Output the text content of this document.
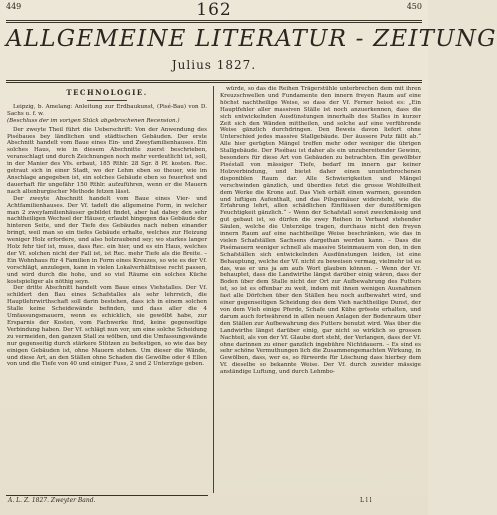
449	162	450
ALLGEMEINE LITERATUR - ZEITUNG
Julius 1827.
TECHNOLOGIE.

Leipzig, b. Amelang: Anleitung zur Erdbaukunst, (Pisé-Bau) von D. Sachs u. f. w.

(Beschluss der im vorigen Stück abgebrochenen Recension.)

Der zweyte Theil führt die Ueberschrift: Von der Anwendung des Pisébaues bey ländlichen und städtischen Gebäuden. Der erste Abschnitt handelt vom Baue eines Ein- und Zweyfamilienhauses. Ein solches Haus, wie in diesem Abschnitte zuerst beschrieben, veranschlagt und durch Zeichnungen noch mehr verdeutlicht ist, soll, in der Manier des Vfs. erbaut, 185 Rthlr. 28 Sgr. 8 Pf. kosten. Rec. getraut sich in einer Stadt, wo der Lehm eben so theuer, wie im Anschlage angegeben ist, ein solches Gebäude eben so feuerfest und dauerhaft für ungefähr 150 Rthlr. aufzuführen, wenn er die Mauern nach altenburgischer Methode fetzen lässt.

Der zweyte Abschnitt handelt vom Baue eines Vier- und Achtfamilienhauses. Der Vf. tadelt die allgemeine Form, in welcher man 2 zweyfamilienhäuser gebildet findet, aber hat dabey den sehr nachtheiligen Wechsel der Häuser, erlaubt hingegen das Gebäude der hinteren Seite, und der Tiefe des Gebäudes nach neben einander bringt, weil man so ein tiefes Gebäude erhalte, welches zur Heizung weniger Holz erfordere, und also holzraubend sey; wo starkes langer Holz fehr tief ist, muss, dass Rec. ein hier, und es ein Haus, welches der Vf. solchen nicht der Fall ist, ist Rec. mehr Tiefe als die Breite. – Ein Wohnhaus für 4 Familien in Form eines Kreuzes, so wie es der Vf. vorschlägt, anzulegen, kann in vielen Lokalverhältnisse recht passen, und wird durch die hohe, und so viel Räume ein solches Küche kostspieliger als nöthig seyn.

Der dritte Abschnitt handelt vom Baue eines Viehstalles. Der Vf. schildert den Bau eines Schafstalles als sehr lehrreich, die Hauptlehrwirthschaft soll darin bestehen, dass ich in einem solchen Stalle keine Scheidewände befinden, und dass aller die 4 Umfassungsmauern, wenn es schicklich, sie gewölbt habe, zur Ersparnis der Kosten, vom Fachwerke find, keine gegenseitige Verbindung haben. Der Vf. schlägt nun vor, um eine solche Scheidung zu vermeiden, den ganzen Stall zu wölben, und die Umfassungswände nur gegenseitig durch stärkere Stützen zu befestigen, so wie das bey einigen Gebäuden ist, ohne Mauern stehen. Um dieser die Wände, und diese Art, an den Ställen ohne Schaden die Gewölbe oder 4 Ellen von und die Tiefe von 40 und einiger Fuss, 2 und 2 Unterzüge geben.

würde, so das die Reihen Trägerstühle unterbrechen dem mit ihren Kreuzschwellen und Fundamente den innern freyen Raum auf eine höchst nachtheilige Weise, so dass der Vf. Ferner heisst es: „Ein Hauptfehler aller massiven Ställe ist noch anzuerkennen, dass die sich entwickelnden Ausdünstungen innerhalb des Stalles in kurzer Zeit sich den Wänden mittheilen, und solche auf eine verführende Weise gänzlich durchdringen. Den Beweis davon liefert ohne Unterschied jedes massive Stallgebäude. Der äussere Putz fällt ab.“ Alle hier gerügten Mängel treffen mehr oder weniger die übrigen Stallgebäude. Der Pisébau ist daher als ein unzubereitender Gewinn, besonders für diese Art von Gebäuden zu betrachten. Ein gewölbter Piséstall von mässiger Tiefe, bedarf im innern gar keiner Holzverbindung, und bietet daher einen ununterbrochenen disponiblen Raum dar. Alle Schwierigkeiten und Mängel verschwinden gänzlich, und überdies fetzt die grosse Wohlfeilheit dem Werke die Krone auf. Das Vieh erhält einen warmen, gesunden und luftigen Aufenthalt, und das Pilsgemäuer widersteht, wie die Erfahrung lehrt, allen schädlichen Einflüssen der dunstförmigen Feuchtigkeit gänzlich.“ – Wenn der Schafstall sonst zweckmässig und gut gebaut ist, so dürfen die zwey Reihen in Verband stehender Säulen, welche die Unterzüge tragen, durchaus nicht den freyen innern Raum auf eine nachtheilige Weise beschränken, wie das in vielen Schafställen Sachsens dargethan werden kann. – Dass die Pisémauern weniger schnell als massive Steinmauern von den, in den Schafställen sich entwickelnden Ausdünstungen leiden, ist eine Behauptung, welche der Vf. nicht zu beweisen vermag, vielmehr ist es das, was er uns ja am aufs Wort glauben können. – Wenn der Vf. behauptet, dass die Landwirthe längst darüber einig wären, dass der Boden über dem Stalle nicht der Ort zur Aufbewahrung des Futters ist, so ist es offenbar zu weit, indem mit ihnen wenigen Ausnahmen fast alle Dörfchen über den Ställen heu noch aufbewahrt wird, und einer gegenseitigen Scheidung des dem Vieh nachtheilige Dunst, der von dem Vieh einige Pferde, Schafe und Kühe grösste erhalten, und darum auch fortwährend in allen neuen Anlagen der Bodenraum über den Ställen zur Aufbewahrung des Futters benutzt wird. Was über die Landwirthe längst darüber einig, gar nicht so wirklich so grossen Nachteil, als von der Vf. Glaube dort steht, der Verlangen, dass der Vf. ohne darinnen zu einer ganzlich ingebühre Nichtdauern. – Es sind es sehr schöne Vermuthungen lich die Zusammengemachten Wirkung, in Gewölben, dass, wer es, so fürwerde für Löschung dass hierbey dem Vf. dieselbe so bekannte Weise. Der Vf. durch zuwider mässige anständige Luftung, und durch Lehmbo-

A. L. Z. 1827. Zweyter Band.	L l l
